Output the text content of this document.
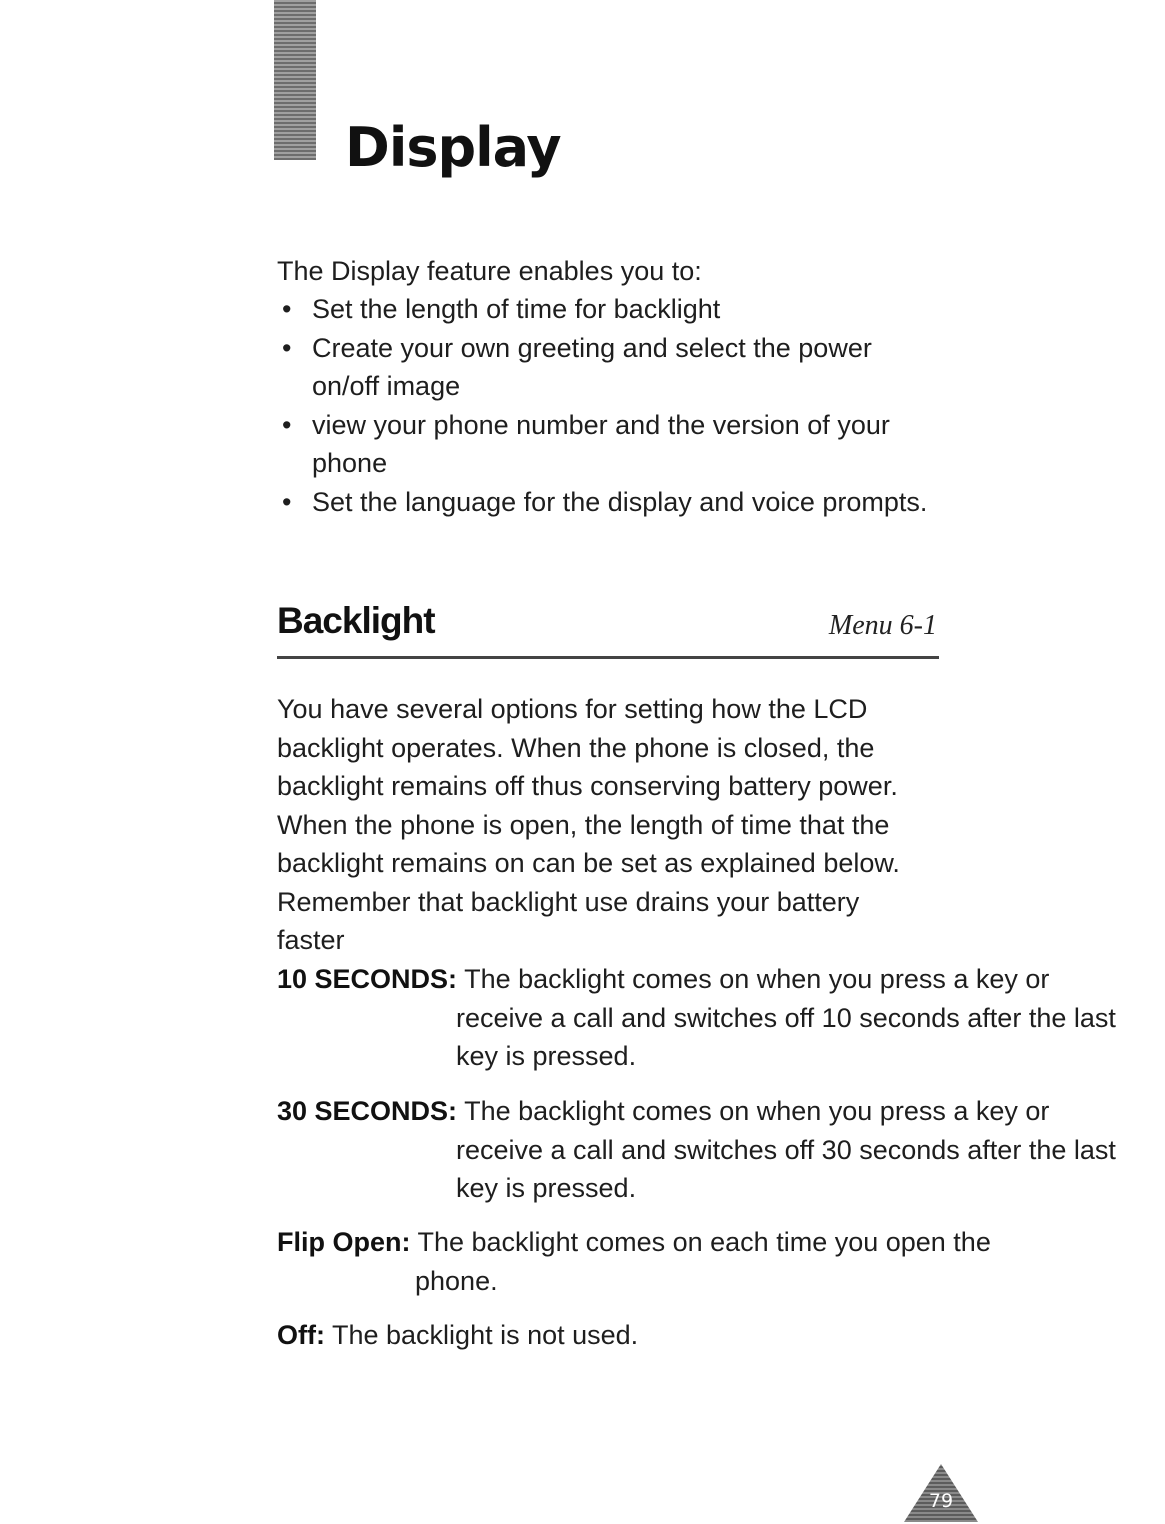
Display

The Display feature enables you to:

• Set the length of time for backlight
• Create your own greeting and select the power on/off image
• view your phone number and the version of your phone
• Set the language for the display and voice prompts.
Backlight	Menu 6-1

You have several options for setting how the LCD backlight operates. When the phone is closed, the backlight remains off thus conserving battery power. When the phone is open, the length of time that the backlight remains on can be set as explained below. Remember that backlight use drains your battery faster

10 SECONDS: The backlight comes on when you press a key or receive a call and switches off 10 seconds after the last key is pressed.

30 SECONDS: The backlight comes on when you press a key or receive a call and switches off 30 seconds after the last key is pressed.

Flip Open: The backlight comes on each time you open the phone.

Off: The backlight is not used.

79
